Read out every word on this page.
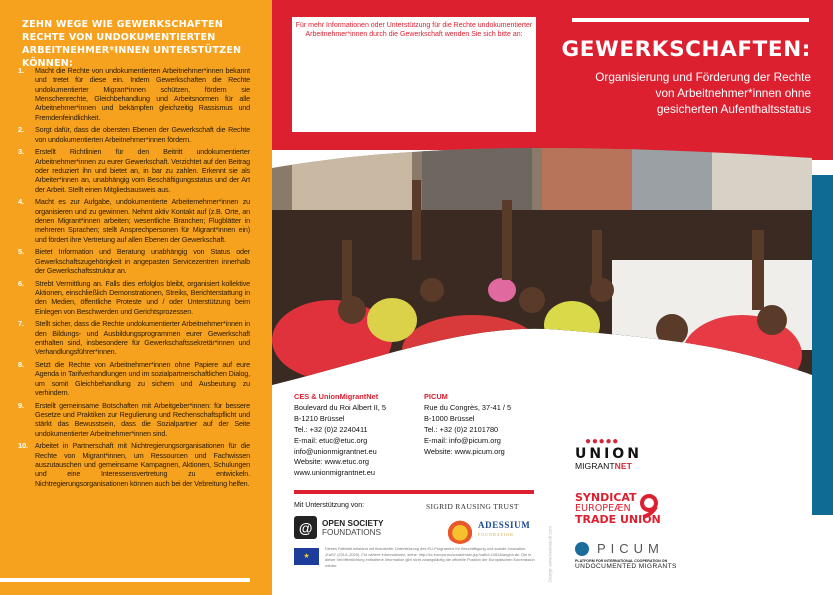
ZEHN WEGE WIE GEWERKSCHAFTEN RECHTE VON UNDOKUMENTIERTEN ARBEITNEHMER*INNEN UNTERSTÜTZEN KÖNNEN:
1. Macht die Rechte von undokumentierten Arbeitnehmer*innen bekannt und tretet für diese ein. Indem Gewerkschaften die Rechte undokumentierter Migrant*innen schützen, fördern sie Menschenrechte, Gleichbehandlung und Arbeitsnormen für alle Arbeitnehmer*innen und bekämpfen gleichzeitig Rassismus und Fremdenfeindlichkeit.
2. Sorgt dafür, dass die obersten Ebenen der Gewerkschaft die Rechte von undokumentierten Arbeitnehmer*innen fördern.
3. Erstellt Richtlinien für den Beitritt undokumentierter Arbeitnehmer*innen zu eurer Gewerkschaft. Verzichtet auf den Beitrag oder reduziert ihn und bietet an, in bar zu zahlen. Erkennt sie als Arbeiter*innen an, unabhängig vom Beschäftigungsstatus und der Art der Arbeit. Stellt einen Mitgliedsausweis aus.
4. Macht es zur Aufgabe, undokumentierte Arbeitemehmer*innen zu organisieren und zu gewinnen. Nehmt aktiv Kontakt auf (z.B. Orte, an denen Migrant*innen arbeiten; wesentliche Branchen; Flugblätter in mehreren Sprachen; stellt Ansprechpersonen für Migrant*innen ein) und fördert ihre Vertretung auf allen Ebenen der Gewerkschaft.
5. Bietet Information und Beratung unabhängig von Status oder Gewerkschaftszugehörigkeit in angepasten Servicezentren innerhalb der Gewerkschaftsstruktur an.
6. Strebt Vermittlung an. Falls dies erfolglos bleibt, organisiert kollektive Aktionen, einschließlich Demonstrationen, Streiks, Berichterstattung in den Medien, öffentliche Proteste und / oder Unterstützung beim Einlegen von Beschwerden und Gerichtsprozessen.
7. Stellt sicher, dass die Rechte undokumentierter Arbeitnehmer*innen in den Bildungs- und Ausbildungsprogrammen eurer Gewerkschaft enthalten sind, insbesondere für Gewerkschaftssekretär*innen und Verhandlungsführer*innen.
8. Setzt die Rechte von Arbeitnehmer*innen ohne Papiere auf eure Agenda in Tarifverhandlungen und im sozialpartnerschaftlichen Dialog, um somit Gleichbehandlung zu sichern und Ausbeutung zu verhindern.
9. Erstellt gemeinsame Botschaften mit Arbeitgeber*innen: für bessere Gesetze und Praktiken zur Regulierung und Rechenschaftspflicht und stärkt das Bewusstsein, dass die Sozialpartner auf der Seite undokumentierter Arbeitnehmer*innen sind.
10. Arbeitet in Partnerschaft mit Nichtregierungsorganisationen für die Rechte von Migrant*innen, um Ressourcen und Fachwissen auszutauschen und gemeinsame Kampagnen, Aktionen, Schulungen und eine Interessensvertretung zu entwickeln. Nichtregierungsorganisationen können auch bei der Vebreitung helfen.
Für mehr Informationen oder Unterstützung für die Rechte undokumentierter Arbeitnehmer*innen durch die Gewerkschaft wenden Sie sich bitte an:
CES & UnionMigrantNet
Boulevard du Roi Albert II, 5
B-1210 Brüssel
Tel.: +32 (0)2 2240411
E-mail: etuc@etuc.org
info@unionmigrantnet.eu
Website: www.etuc.org
www.unionmigrantnet.eu
PICUM
Rue du Congrès, 37-41 / 5
B-1000 Brüssel
Tel.: +32 (0)2 2101780
E-mail: info@picum.org
Website: www.picum.org
Mit Unterstützung von:	SIGRID RAUSING TRUST
@	OPEN SOCIETY
FOUNDATIONS
ADESSIUM
FOUNDATION
★
Dieses Faltblatt entstand mit finanzieller Unterstützung des EU-Programms für Beschäftigung und soziale Innovation „EaSI“ (2014–2020). Für nähere Informationen, siehe: http://ec.europa.eu/social/main.jsp?catId=1081&langId=de. Die in dieser Veröffentlichung enthaltene Information gibt nicht zwangsläufig die offizielle Position der Europäischen Kommission wieder.	Design: www.beelzepub.com
GEWERKSCHAFTEN:
Organisierung und Förderung der Rechte
von Arbeitnehmer*innen ohne
gesicherten Aufenthaltsstatus
● ● ● ● ●
UNION
MIGRANTNET
SYNDICAT
EUROPEÆN
TRADE UNION
PICUM
PLATFORM FOR INTERNATIONAL COOPERATION ON
UNDOCUMENTED MIGRANTS
